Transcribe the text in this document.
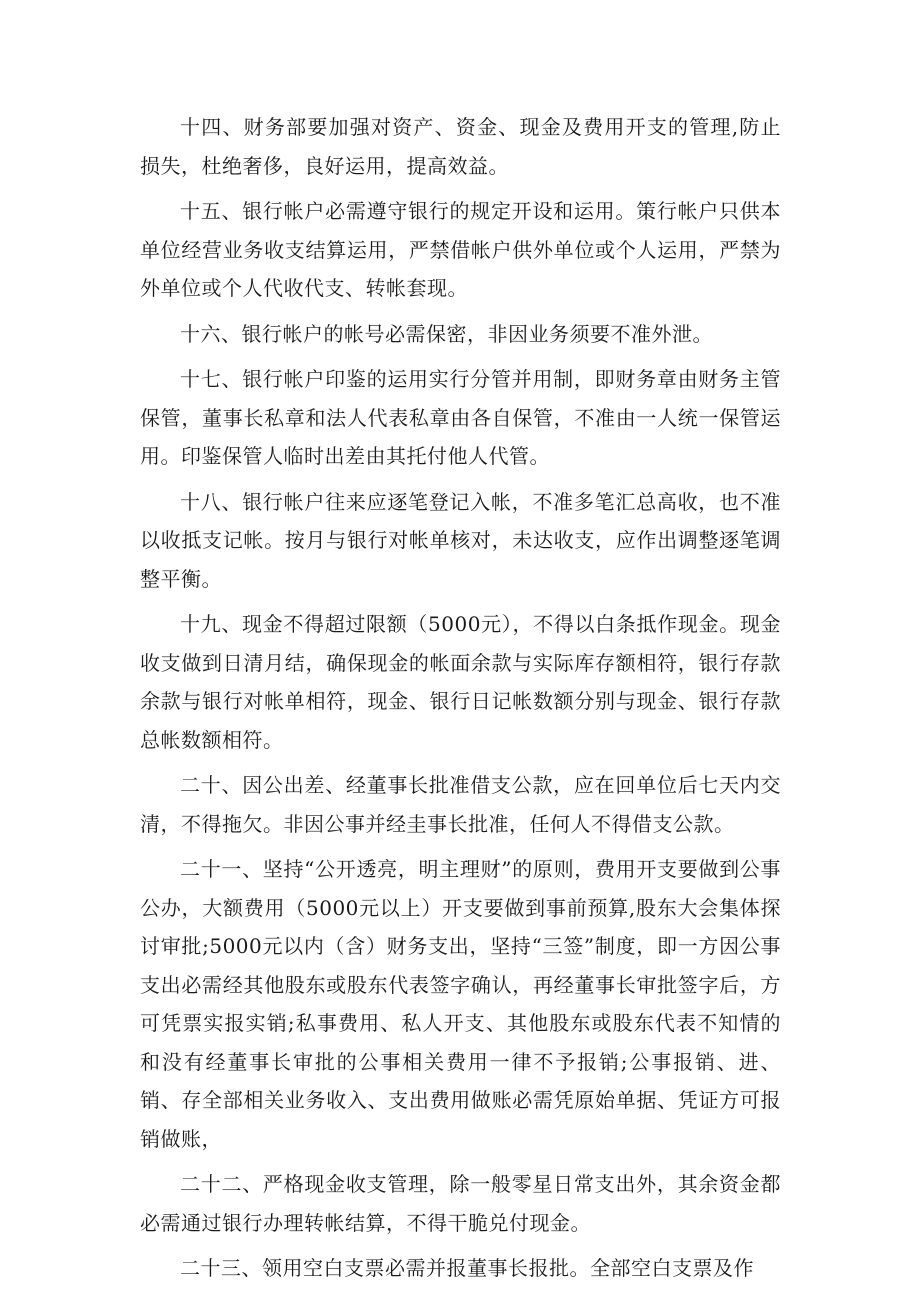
十四、财务部要加强对资产、资金、现金及费用开支的管理,防止损失，杜绝奢侈，良好运用，提高效益。

十五、银行帐户必需遵守银行的规定开设和运用。策行帐户只供本单位经营业务收支结算运用，严禁借帐户供外单位或个人运用，严禁为外单位或个人代收代支、转帐套现。

十六、银行帐户的帐号必需保密，非因业务须要不准外泄。

十七、银行帐户印鉴的运用实行分管并用制，即财务章由财务主管保管，董事长私章和法人代表私章由各自保管，不准由一人统一保管运用。印鉴保管人临时出差由其托付他人代管。

十八、银行帐户往来应逐笔登记入帐，不准多笔汇总高收，也不准以收抵支记帐。按月与银行对帐单核对，未达收支，应作出调整逐笔调整平衡。

十九、现金不得超过限额（5000元），不得以白条抵作现金。现金收支做到日清月结，确保现金的帐面余款与实际库存额相符，银行存款余款与银行对帐单相符，现金、银行日记帐数额分别与现金、银行存款总帐数额相符。

二十、因公出差、经董事长批准借支公款，应在回单位后七天内交清，不得拖欠。非因公事并经圭事长批准，任何人不得借支公款。

二十一、坚持“公开透亮，明主理财”的原则，费用开支要做到公事公办，大额费用（5000元以上）开支要做到事前预算,股东大会集体探讨审批;5000元以内（含）财务支出，坚持“三签”制度，即一方因公事支出必需经其他股东或股东代表签字确认，再经董事长审批签字后，方可凭票实报实销;私事费用、私人开支、其他股东或股东代表不知情的和没有经董事长审批的公事相关费用一律不予报销;公事报销、进、销、存全部相关业务收入、支出费用做账必需凭原始单据、凭证方可报销做账，

二十二、严格现金收支管理，除一般零星日常支出外，其余资金都必需通过银行办理转帐结算，不得干脆兑付现金。

二十三、领用空白支票必需并报董事长报批。全部空白支票及作
